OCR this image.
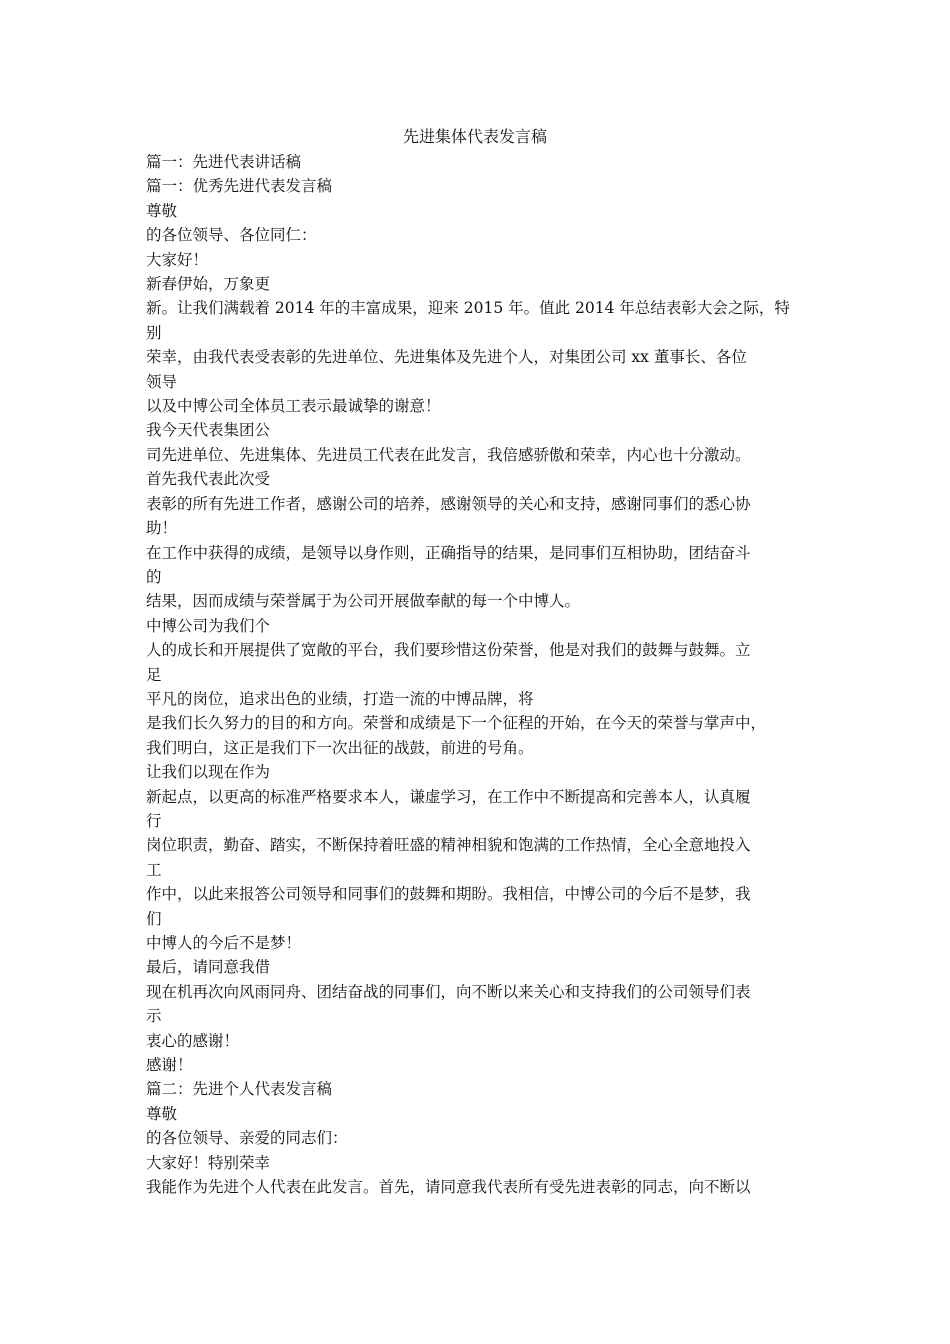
先进集体代表发言稿
篇一：先进代表讲话稿
篇一：优秀先进代表发言稿
尊敬
的各位领导、各位同仁：
大家好！
新春伊始，万象更
新。让我们满载着 2014 年的丰富成果，迎来 2015 年。值此 2014 年总结表彰大会之际，特
别
荣幸，由我代表受表彰的先进单位、先进集体及先进个人，对集团公司 xx 董事长、各位
领导
以及中博公司全体员工表示最诚挚的谢意！
我今天代表集团公
司先进单位、先进集体、先进员工代表在此发言，我倍感骄傲和荣幸，内心也十分激动。
首先我代表此次受
表彰的所有先进工作者，感谢公司的培养，感谢领导的关心和支持，感谢同事们的悉心协
助！
在工作中获得的成绩，是领导以身作则，正确指导的结果，是同事们互相协助，团结奋斗
的
结果，因而成绩与荣誉属于为公司开展做奉献的每一个中博人。
中博公司为我们个
人的成长和开展提供了宽敞的平台，我们要珍惜这份荣誉，他是对我们的鼓舞与鼓舞。立
足
平凡的岗位，追求出色的业绩，打造一流的中博品牌，将
是我们长久努力的目的和方向。荣誉和成绩是下一个征程的开始，在今天的荣誉与掌声中，
我们明白，这正是我们下一次出征的战鼓，前进的号角。
让我们以现在作为
新起点，以更高的标准严格要求本人，谦虚学习，在工作中不断提高和完善本人，认真履
行
岗位职责，勤奋、踏实，不断保持着旺盛的精神相貌和饱满的工作热情，全心全意地投入
工
作中，以此来报答公司领导和同事们的鼓舞和期盼。我相信，中博公司的今后不是梦，我
们
中博人的今后不是梦！
最后，请同意我借
现在机再次向风雨同舟、团结奋战的同事们，向不断以来关心和支持我们的公司领导们表
示
衷心的感谢！
感谢！
篇二：先进个人代表发言稿
尊敬
的各位领导、亲爱的同志们：
大家好！特别荣幸
我能作为先进个人代表在此发言。首先，请同意我代表所有受先进表彰的同志，向不断以
